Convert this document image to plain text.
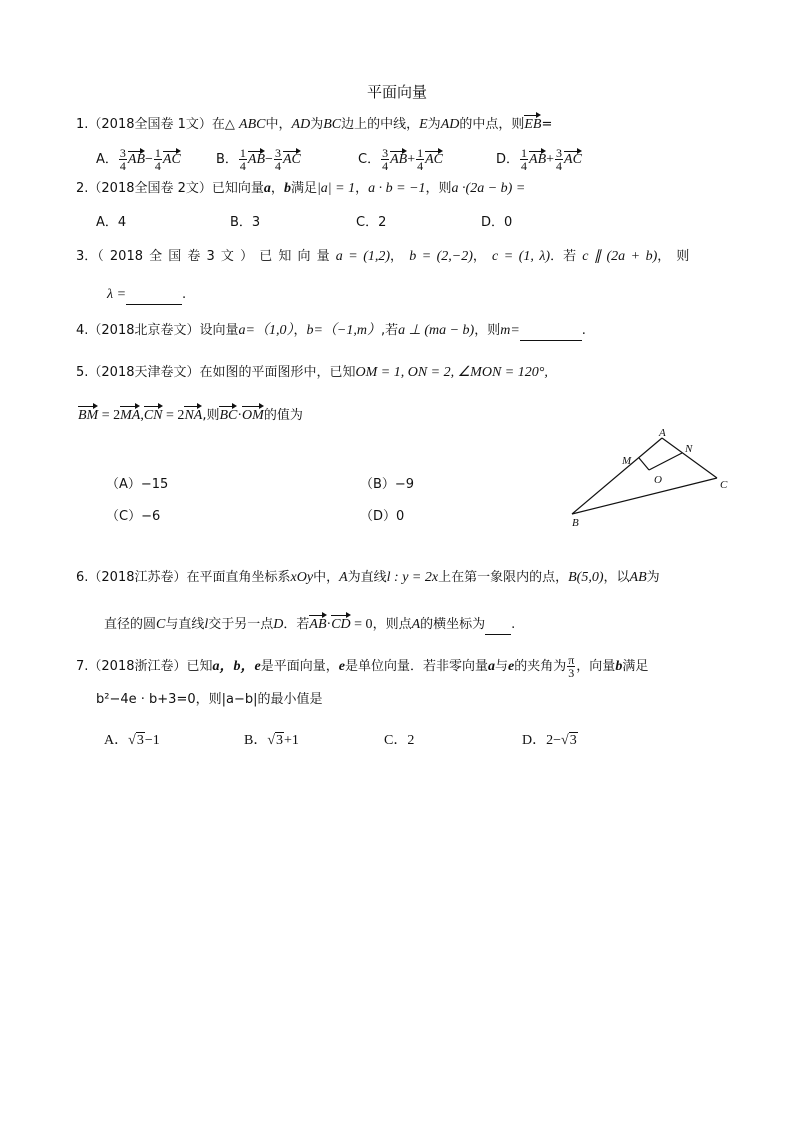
平面向量
1.（2018全国卷 1文）在△ ABC中，AD为BC边上的中线，E为AD的中点，则EB=
A． $\frac{3}{4} AB- \frac{1}{4}$ AC	B． $\frac{1}{4} AB- \frac{3}{4}$ AC	C． $\frac{3}{4} AB+ \frac{1}{4}$ AC	D． $\frac{1}{4} AB+ \frac{3}{4}$ AC
2.（2018全国卷 2文）已知向量a，b满足|a| = 1，a · b = −1，则a ·(2a − b) =
A．4	B．3	C．2	D．0
3．（ 2018 全 国 卷 3 文 ） 已 知 向 量 a = (1,2)， b = (2,−2)， c = (1, λ)．若 c ∥ (2a + b)， 则
λ =	.
4.（2018北京卷文）设向量a=（1,0），b=（−1,m）,若a ⊥ (ma − b)，则m=	.
5.（2018天津卷文）在如图的平面图形中，已知OM = 1, ON = 2, ∠MON = 120°,
BM = 2MA,CN = 2NA,则BC·OM的值为
（A）−15	（B）−9
（C）−6	（D）0
A
N
M
O	C
B
6.（2018江苏卷）在平面直角坐标系xOy中，A为直线l : y = 2x上在第一象限内的点，B(5,0)，以AB为
直径的圆C与直线l交于另一点D．若AB·CD = 0，则点A的横坐标为 .
7.（2018浙江卷）已知a，b，e是平面向量，e是单位向量．若非零向量a与e的夹角为 $\frac{\pi}{3}$ ，向量b满足
b²−4e · b+3=0，则|a−b|的最小值是
A．√3−1	B．√3+1	C．2	D．2−√3
